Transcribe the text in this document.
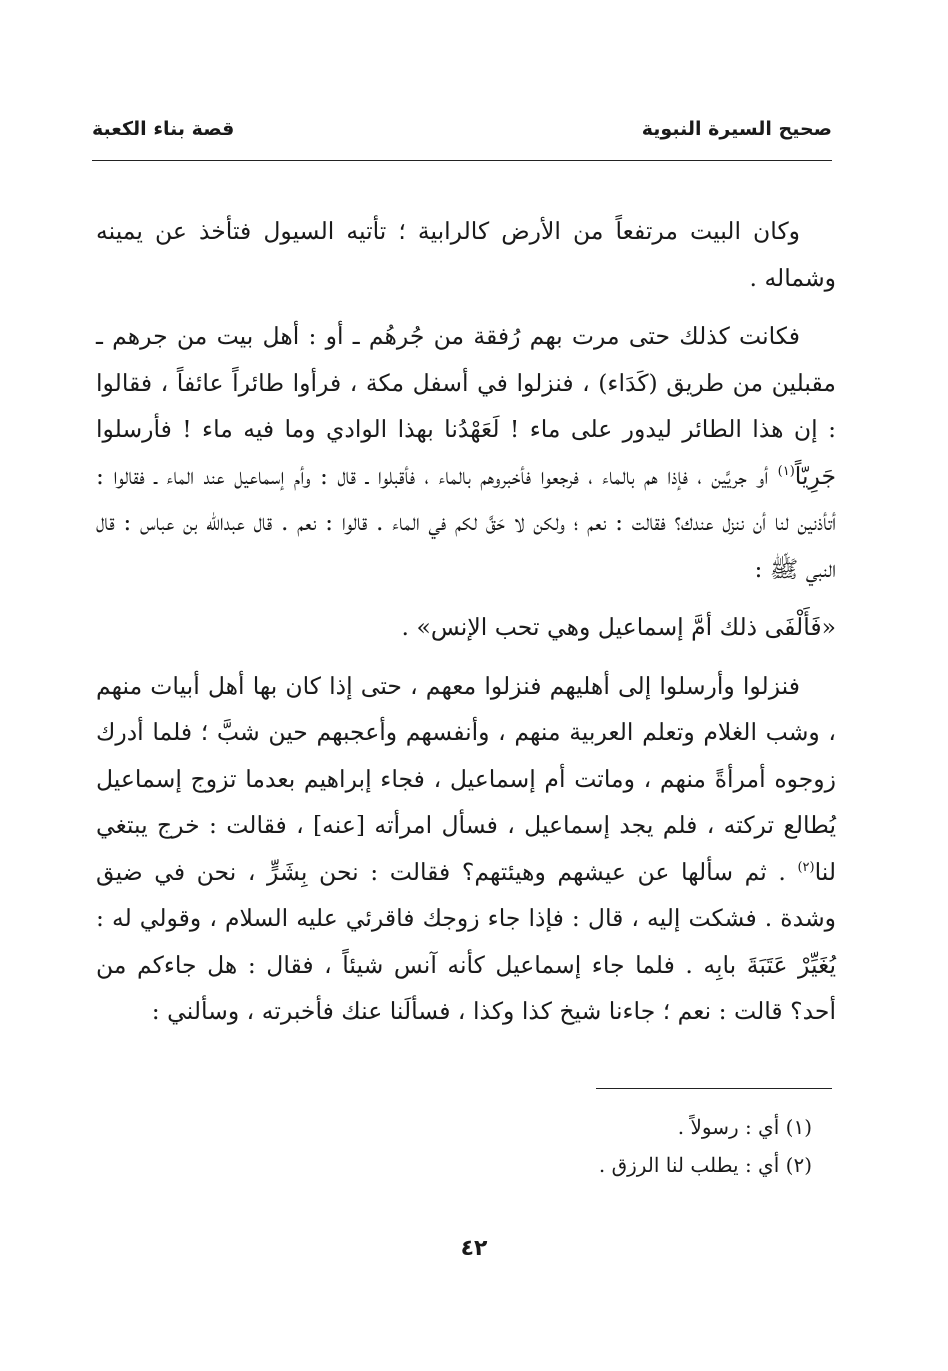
صحيح السيرة النبوية
قصة بناء الكعبة

وكان البيت مرتفعاً من الأرض كالرابية ؛ تأتيه السيول فتأخذ عن يمينه وشماله .

فكانت كذلك حتى مرت بهم رُفقة من جُرهُم ـ أو : أهل بيت من جرهم ـ مقبلين من طريق (كَدَاء) ، فنزلوا في أسفل مكة ، فرأوا طائراً عائفاً ، فقالوا : إن هذا الطائر ليدور على ماء ! لَعَهْدُنا بهذا الوادي وما فيه ماء ! فأرسلوا جَرِيّاً$^{(١)}$ أو جريَّين ، فإذا هم بالماء ، فرجعوا فأخبروهم بالماء ، فأقبلوا ـ قال : وأم إسماعيل عند الماء ـ فقالوا : أتأذنين لنا أن ننزل عندك؟ فقالت : نعم ؛ ولكن لا حَقَّ لكم في الماء . قالوا : نعم . قال عبدالله بن عباس : قال النبي ﷺ :

«فَأَلْفَى ذلك أمَّ إسماعيل وهي تحب الإنس» .

فنزلوا وأرسلوا إلى أهليهم فنزلوا معهم ، حتى إذا كان بها أهل أبيات منهم ، وشب الغلام وتعلم العربية منهم ، وأنفسهم وأعجبهم حين شبَّ ؛ فلما أدرك زوجوه أمرأةً منهم ، وماتت أم إسماعيل ، فجاء إبراهيم بعدما تزوج إسماعيل يُطالع تركته ، فلم يجد إسماعيل ، فسأل امرأته [عنه] ، فقالت : خرج يبتغي لنا$^{(٢)}$ . ثم سألها عن عيشهم وهيئتهم؟ فقالت : نحن بِشَرٍّ ، نحن في ضيق وشدة . فشكت إليه ، قال : فإذا جاء زوجك فاقرئي عليه السلام ، وقولي له : يُغَيِّرْ عَتَبَةَ بابِه . فلما جاء إسماعيل كأنه آنس شيئاً ، فقال : هل جاءكم من أحد؟ قالت : نعم ؛ جاءنا شيخ كذا وكذا ، فسألَنا عنك فأخبرته ، وسألني :

(١) أي : رسولاً .
(٢) أي : يطلب لنا الرزق .
٤٢
